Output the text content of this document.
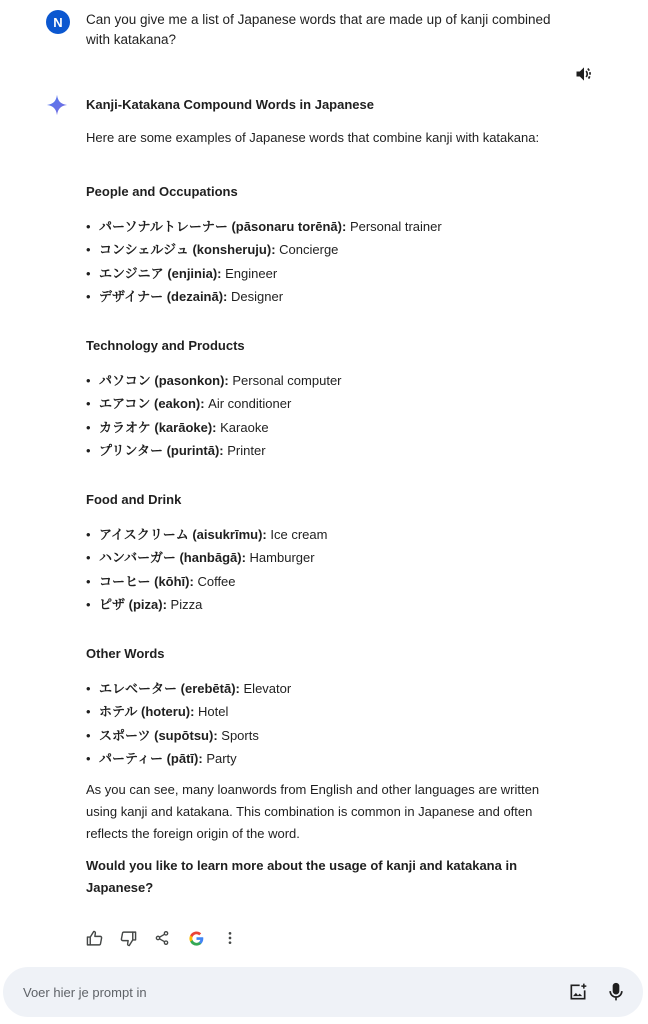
N	Can you give me a list of Japanese words that are made up of kanji combined with katakana?
Kanji-Katakana Compound Words in Japanese
Here are some examples of Japanese words that combine kanji with katakana:
People and Occupations
• パーソナルトレーナー
(pāsonaru torēnā):
Personal trainer
• コンシェルジュ
(konsheruju):
Concierge
• エンジニア
(enjinia):
Engineer
• デザイナー
(dezainā):
Designer
Technology and Products
• パソコン
(pasonkon):
Personal computer
• エアコン
(eakon):
Air conditioner
• カラオケ
(karāoke):
Karaoke
• プリンター
(purintā):
Printer
Food and Drink
• アイスクリーム
(aisukrīmu):
Ice cream
• ハンバーガー
(hanbāgā):
Hamburger
• コーヒー
(kōhī):
Coffee
• ピザ
(piza):
Pizza
Other Words
• エレベーター
(erebētā):
Elevator
• ホテル
(hoteru):
Hotel
• スポーツ
(supōtsu):
Sports
• パーティー
(pātī):
Party
As you can see, many loanwords from English and other languages are written using kanji and katakana. This combination is common in Japanese and often reflects the foreign origin of the word.
Would you like to learn more about the usage of kanji and katakana in Japanese?
Voer hier je prompt in
